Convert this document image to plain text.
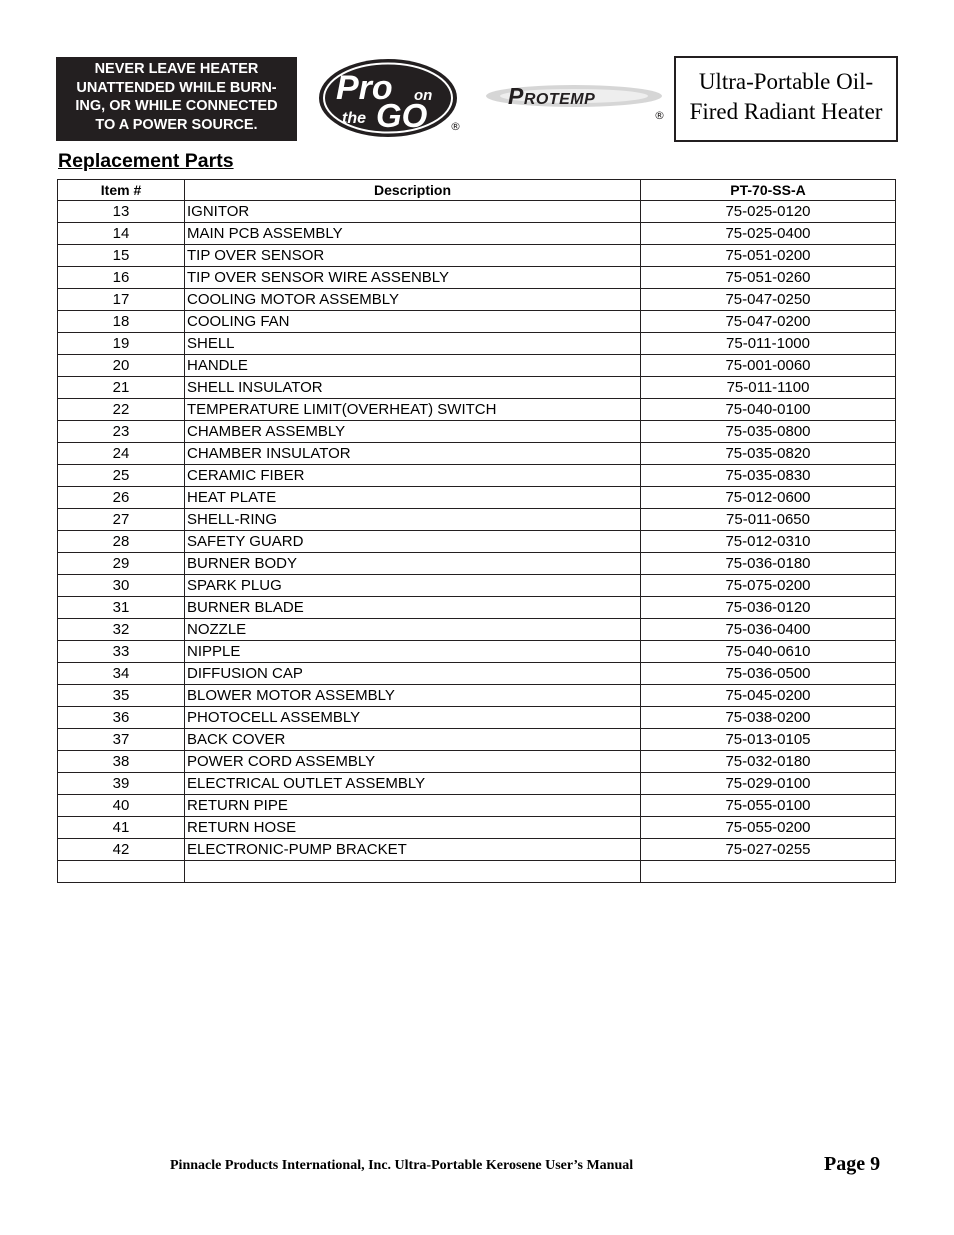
NEVER LEAVE HEATER
UNATTENDED WHILE BURN-
ING, OR WHILE CONNECTED
TO A POWER SOURCE.
Pro on
the GO ®
Protemp
®
Ultra-Portable Oil-
Fired Radiant Heater
Replacement Parts
Item #	Description	PT-70-SS-A
13	IGNITOR	75-025-0120
14	MAIN PCB ASSEMBLY	75-025-0400
15	TIP OVER SENSOR	75-051-0200
16	TIP OVER SENSOR WIRE ASSENBLY	75-051-0260
17	COOLING MOTOR ASSEMBLY	75-047-0250
18	COOLING FAN	75-047-0200
19	SHELL	75-011-1000
20	HANDLE	75-001-0060
21	SHELL INSULATOR	75-011-1100
22	TEMPERATURE LIMIT(OVERHEAT) SWITCH	75-040-0100
23	CHAMBER ASSEMBLY	75-035-0800
24	CHAMBER INSULATOR	75-035-0820
25	CERAMIC FIBER	75-035-0830
26	HEAT PLATE	75-012-0600
27	SHELL-RING	75-011-0650
28	SAFETY GUARD	75-012-0310
29	BURNER BODY	75-036-0180
30	SPARK PLUG	75-075-0200
31	BURNER BLADE	75-036-0120
32	NOZZLE	75-036-0400
33	NIPPLE	75-040-0610
34	DIFFUSION CAP	75-036-0500
35	BLOWER MOTOR ASSEMBLY	75-045-0200
36	PHOTOCELL ASSEMBLY	75-038-0200
37	BACK COVER	75-013-0105
38	POWER CORD ASSEMBLY	75-032-0180
39	ELECTRICAL OUTLET ASSEMBLY	75-029-0100
40	RETURN PIPE	75-055-0100
41	RETURN HOSE	75-055-0200
42	ELECTRONIC-PUMP BRACKET	75-027-0255

Pinnacle Products International, Inc. Ultra-Portable Kerosene User’s Manual	Page 9
